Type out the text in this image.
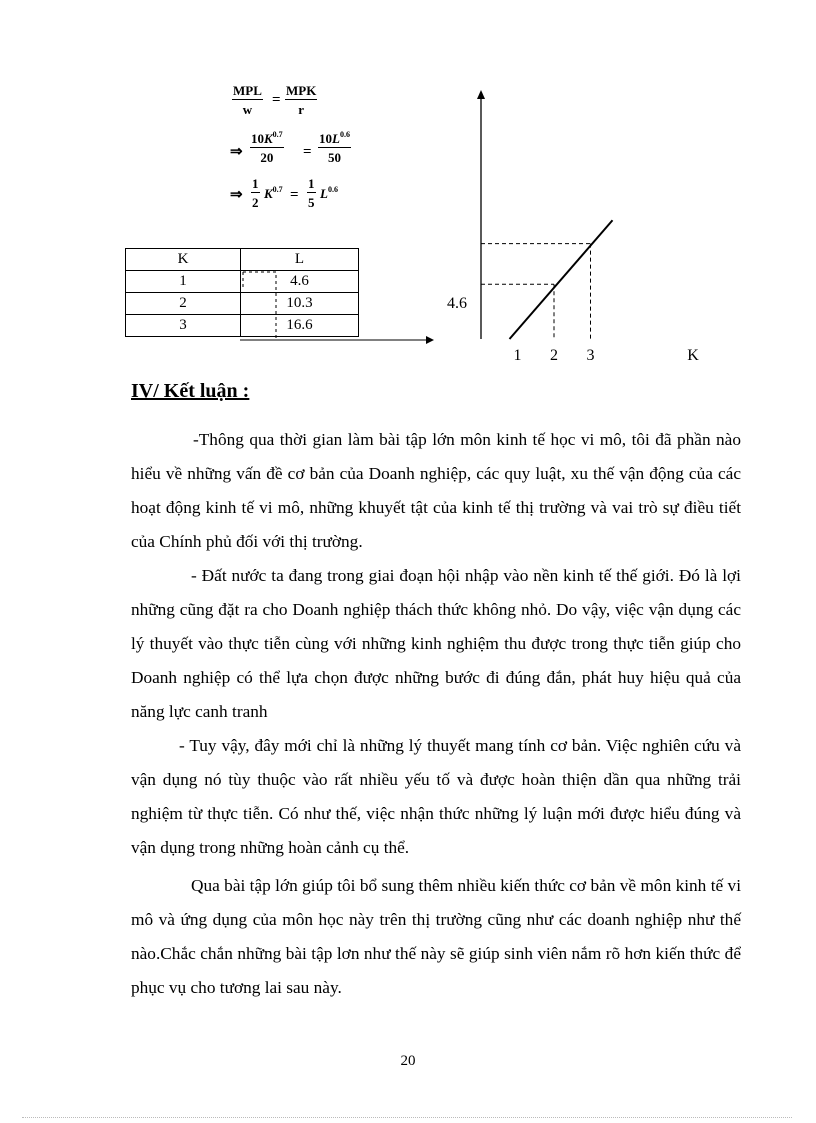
MPL
w
=
MPK
r
⇒ $\frac{10K^{0.7}}{20} = \frac{10L^{0.6}}{50}$
⇒ $\frac{1}{2} K^{0.7} = \frac{1}{5} L^{0.6}$
K	L
1	4.6
2	10.3
3	16.6
1 2 3
4.6
K
IV/ Kết luận :
-Thông qua thời gian làm bài tập lớn môn kinh tế học vi mô, tôi đã phần nào hiểu về những vấn đề cơ bản của Doanh nghiệp, các quy luật, xu thế vận động của các hoạt động kinh tế vi mô, những khuyết tật của kinh tế thị trường và vai trò sự điều tiết của Chính phủ đối với thị trường.
- Đất nước ta đang trong giai đoạn hội nhập vào nền kinh tế thế giới. Đó là lợi những cũng đặt ra cho Doanh nghiệp thách thức không nhỏ. Do vậy, việc vận dụng các lý thuyết vào thực tiễn cùng với những kinh nghiệm thu được trong thực tiễn giúp cho Doanh nghiệp có thể lựa chọn được những bước đi đúng đắn, phát huy hiệu quả của năng lực canh tranh
- Tuy vậy, đây mới chỉ là những lý thuyết mang tính cơ bản. Việc nghiên cứu và vận dụng nó tùy thuộc vào rất nhiều yếu tố và được hoàn thiện dần qua những trải nghiệm từ thực tiễn. Có như thế, việc nhận thức những lý luận mới được hiểu đúng và vận dụng trong những hoàn cảnh cụ thể.
Qua bài tập lớn giúp tôi bổ sung thêm nhiều kiến thức cơ bản về môn kinh tế vi mô và ứng dụng của môn học này trên thị trường cũng như các doanh nghiệp như thế nào.Chắc chắn những bài tập lơn như thế này sẽ giúp sinh viên nắm rõ hơn kiến thức để phục vụ cho tương lai sau này.
20
